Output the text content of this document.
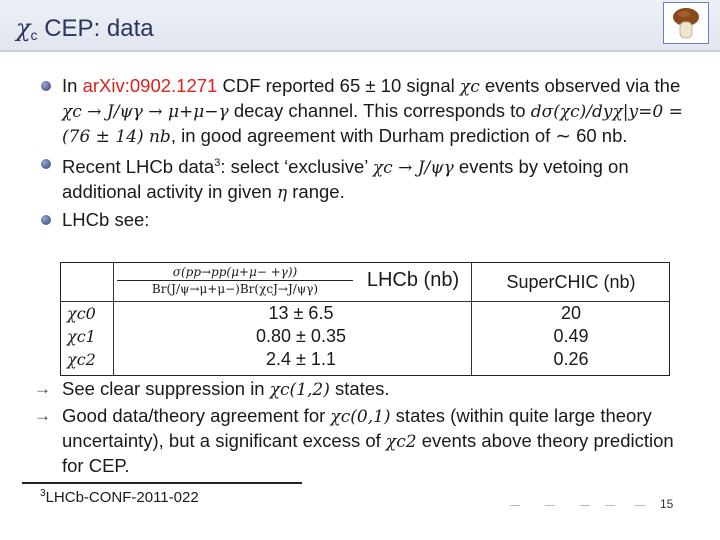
$\chi_c$ CEP: data
In arXiv:0902.1271 CDF reported 65 ± 10 signal χc events observed via the χc → J/ψγ → μ+μ−γ decay channel. This corresponds to dσ(χc)/dyχ|y=0 = (76 ± 14) nb, in good agreement with Durham prediction of ∼ 60 nb.
Recent LHCb data$^3$: select ‘exclusive’ χc → J/ψγ events by vetoing on additional activity in given η range.
LHCb see:
σ(pp→pp(μ+μ− +γ))
Br(J/ψ→μ+μ−)Br(χcJ→J/ψγ)	LHCb (nb)	SuperCHIC (nb)
χc0	13 ± 6.5	20
χc1	0.80 ± 0.35	0.49
χc2	2.4 ± 1.1	0.26
→ See clear suppression in χc(1,2) states.
→ Good data/theory agreement for χc(0,1) states (within quite large theory uncertainty), but a significant excess of χc2 events above theory prediction for CEP.
$^3$LHCb-CONF-2011-022	15
